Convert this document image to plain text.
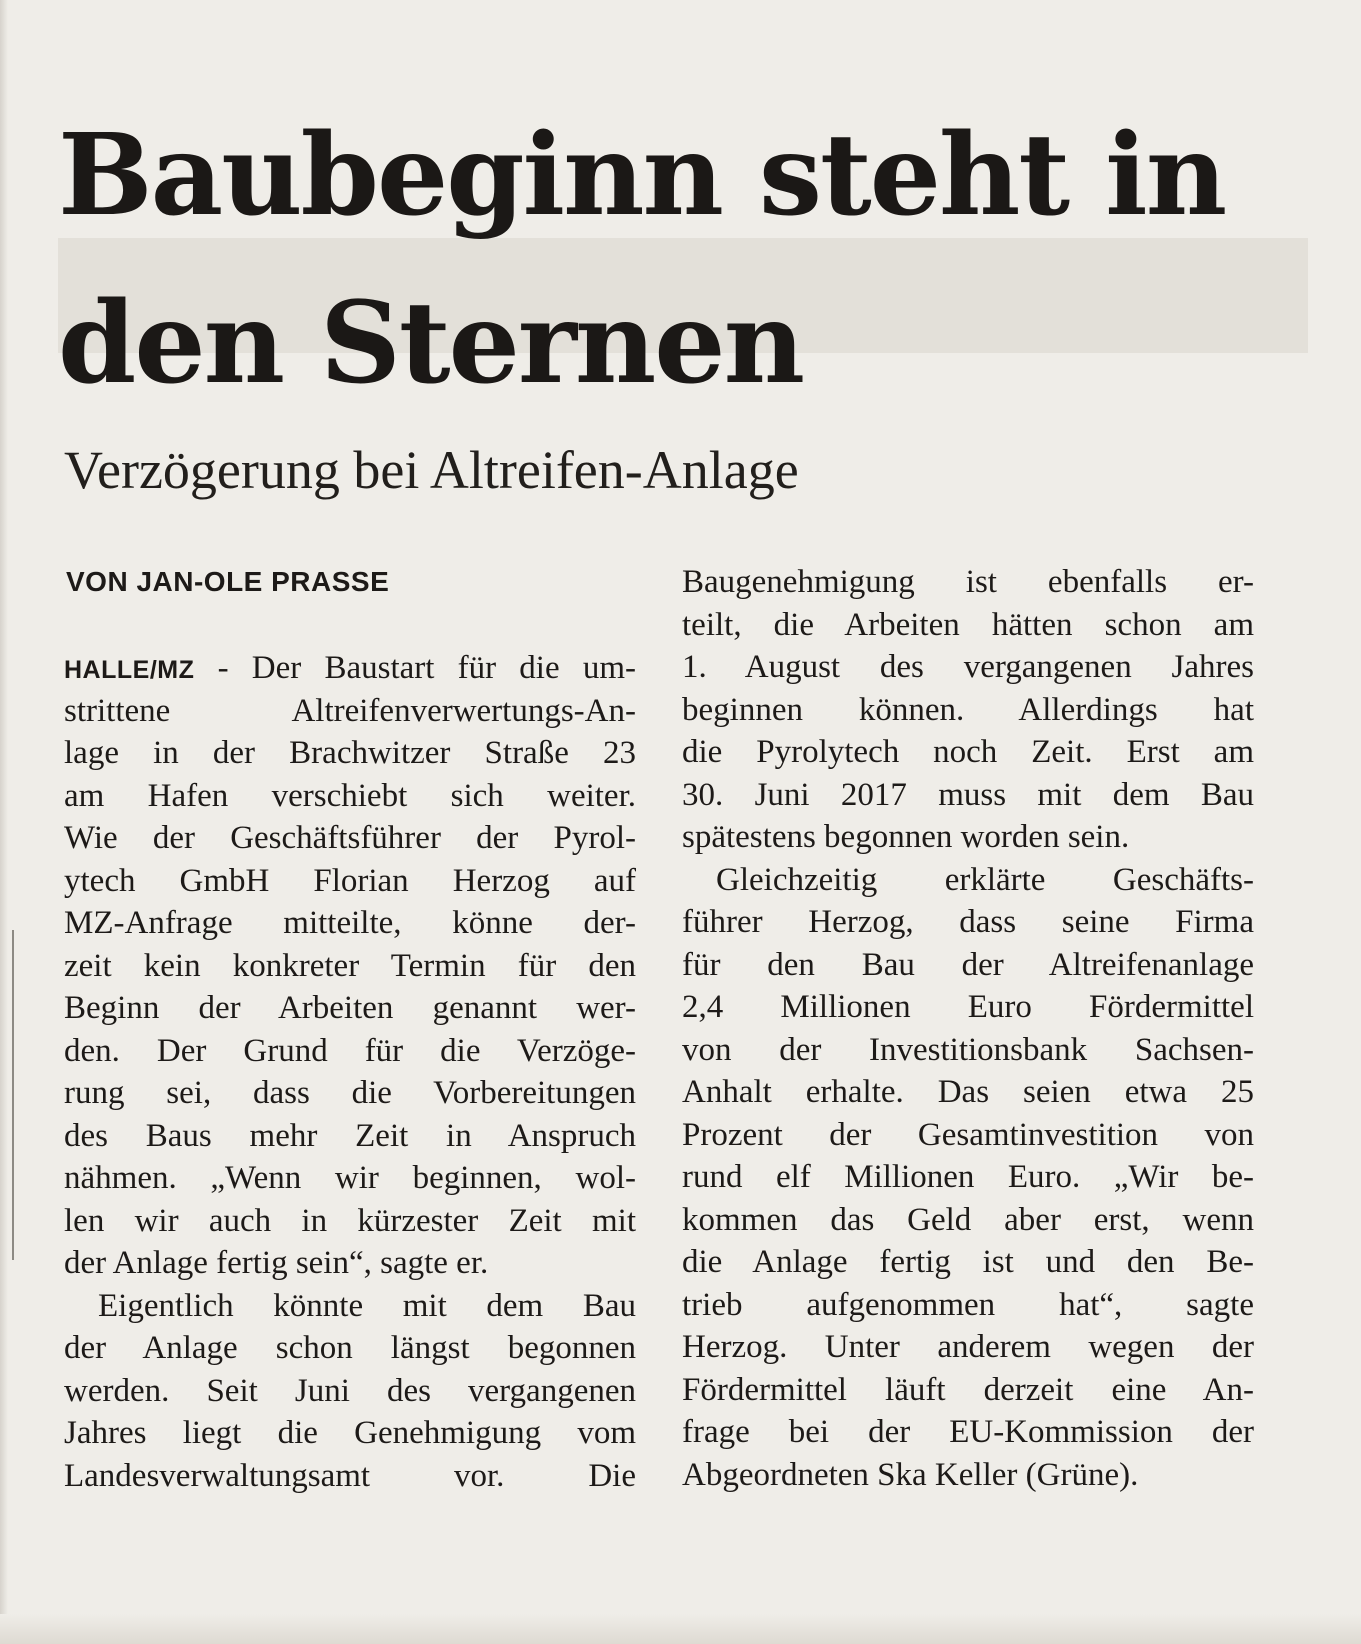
Baubeginn steht in
den Sternen
Verzögerung bei Altreifen-Anlage
VON JAN-OLE PRASSE
HALLE/MZ - Der Baustart für die um-
strittene Altreifenverwertungs-An-
lage in der Brachwitzer Straße 23
am Hafen verschiebt sich weiter.
Wie der Geschäftsführer der Pyrol-
ytech GmbH Florian Herzog auf
MZ-Anfrage mitteilte, könne der-
zeit kein konkreter Termin für den
Beginn der Arbeiten genannt wer-
den. Der Grund für die Verzöge-
rung sei, dass die Vorbereitungen
des Baus mehr Zeit in Anspruch
nähmen. „Wenn wir beginnen, wol-
len wir auch in kürzester Zeit mit
der Anlage fertig sein“, sagte er.
Eigentlich könnte mit dem Bau
der Anlage schon längst begonnen
werden. Seit Juni des vergangenen
Jahres liegt die Genehmigung vom
Landesverwaltungsamt vor. Die
Baugenehmigung ist ebenfalls er-
teilt, die Arbeiten hätten schon am
1. August des vergangenen Jahres
beginnen können. Allerdings hat
die Pyrolytech noch Zeit. Erst am
30. Juni 2017 muss mit dem Bau
spätestens begonnen worden sein.
Gleichzeitig erklärte Geschäfts-
führer Herzog, dass seine Firma
für den Bau der Altreifenanlage
2,4 Millionen Euro Fördermittel
von der Investitionsbank Sachsen-
Anhalt erhalte. Das seien etwa 25
Prozent der Gesamtinvestition von
rund elf Millionen Euro. „Wir be-
kommen das Geld aber erst, wenn
die Anlage fertig ist und den Be-
trieb aufgenommen hat“, sagte
Herzog. Unter anderem wegen der
Fördermittel läuft derzeit eine An-
frage bei der EU-Kommission der
Abgeordneten Ska Keller (Grüne).
